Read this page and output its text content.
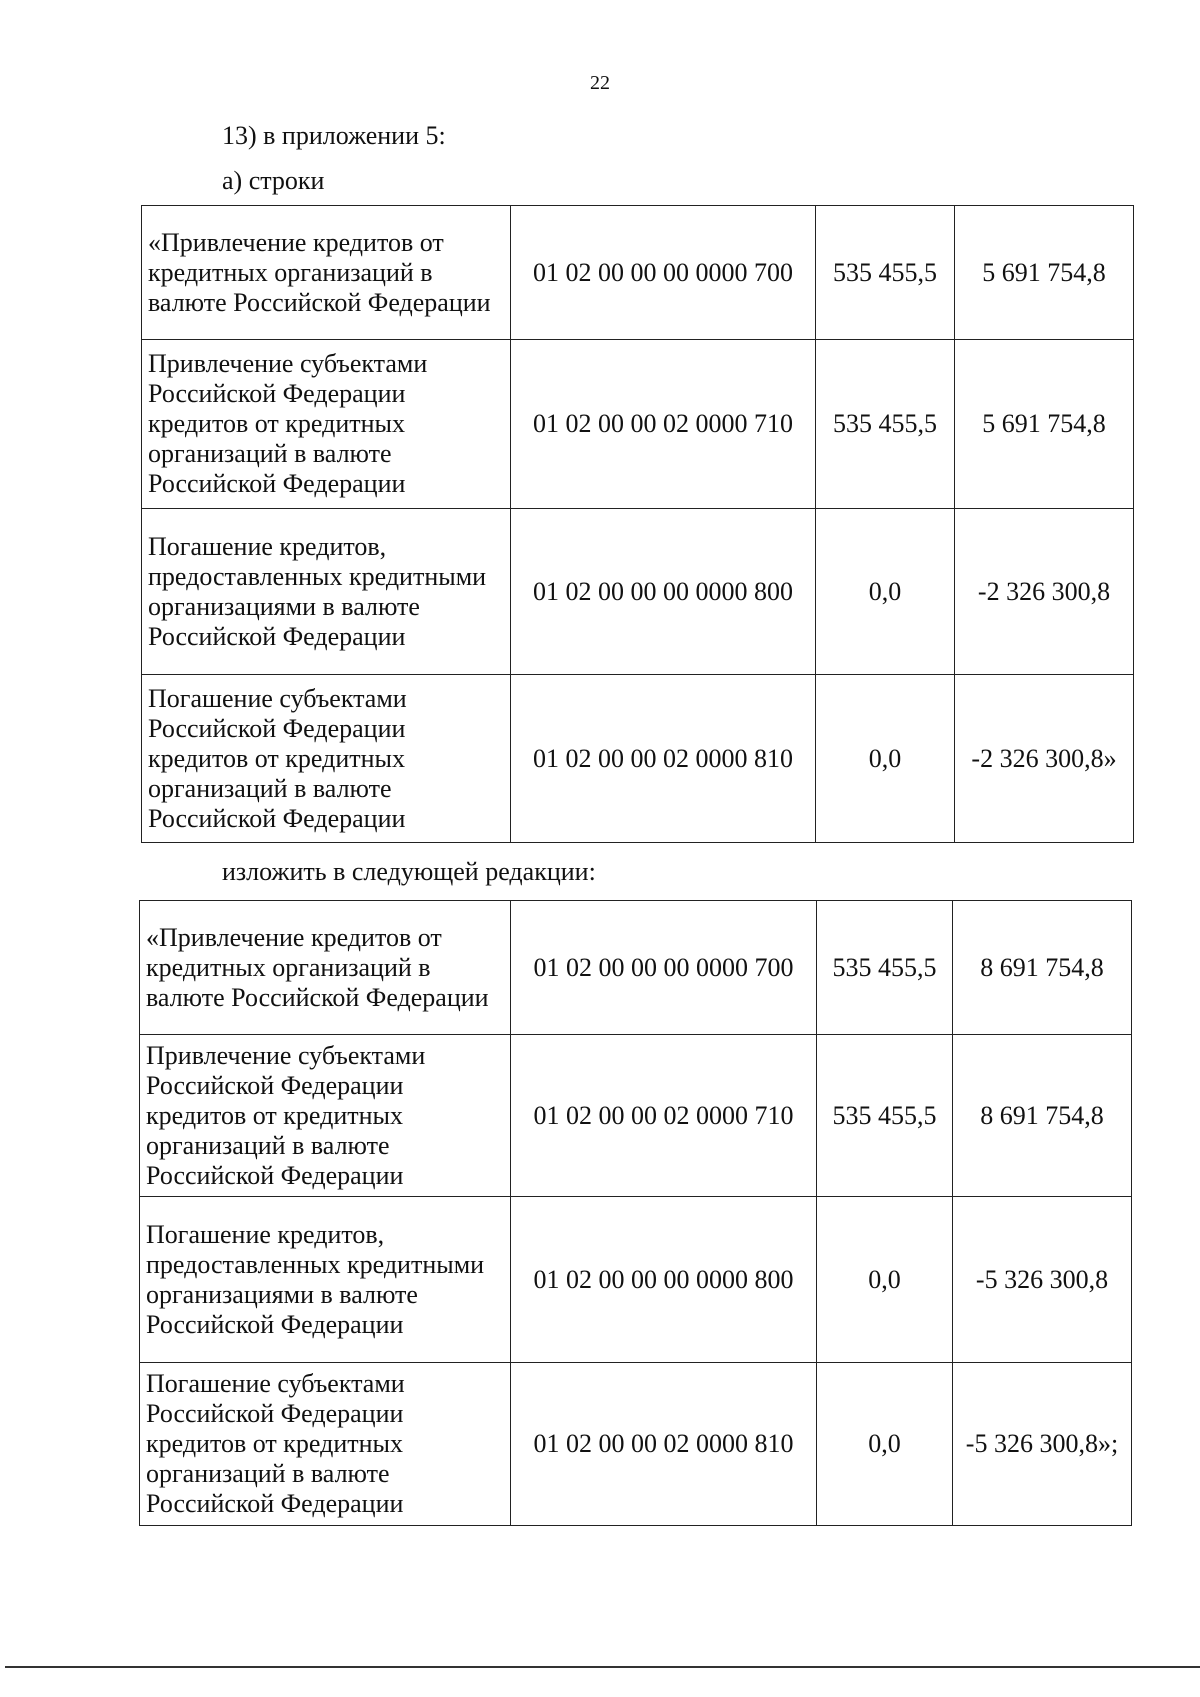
22
13) в приложении 5:
а) строки
«Привлечение кредитов от кредитных организаций в валюте Российской Федерации	01 02 00 00 00 0000 700	535 455,5	5 691 754,8
Привлечение субъектами Российской Федерации кредитов от кредитных организаций в валюте Российской Федерации	01 02 00 00 02 0000 710	535 455,5	5 691 754,8
Погашение кредитов, предоставленных кредитными организациями в валюте Российской Федерации	01 02 00 00 00 0000 800	0,0	-2 326 300,8
Погашение субъектами Российской Федерации кредитов от кредитных организаций в валюте Российской Федерации	01 02 00 00 02 0000 810	0,0	-2 326 300,8»
изложить в следующей редакции:
«Привлечение кредитов от кредитных организаций в валюте Российской Федерации	01 02 00 00 00 0000 700	535 455,5	8 691 754,8
Привлечение субъектами Российской Федерации кредитов от кредитных организаций в валюте Российской Федерации	01 02 00 00 02 0000 710	535 455,5	8 691 754,8
Погашение кредитов, предоставленных кредитными организациями в валюте Российской Федерации	01 02 00 00 00 0000 800	0,0	-5 326 300,8
Погашение субъектами Российской Федерации кредитов от кредитных организаций в валюте Российской Федерации	01 02 00 00 02 0000 810	0,0	-5 326 300,8»;
